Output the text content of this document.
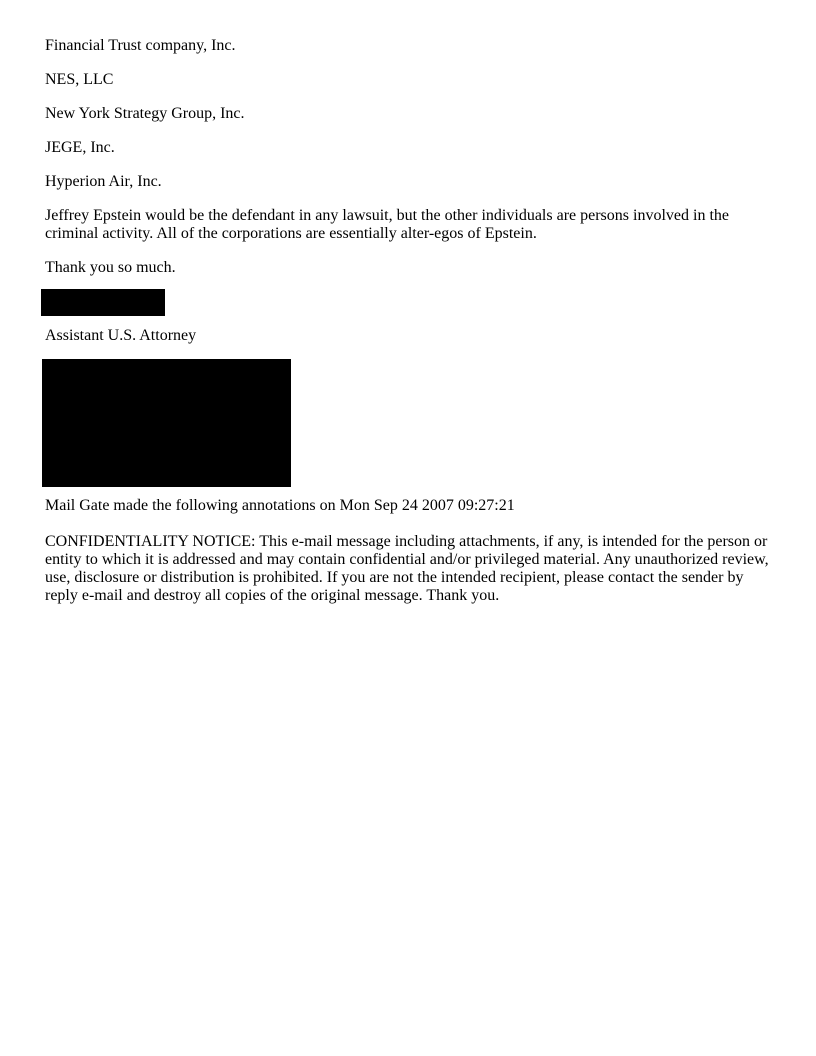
Financial Trust company, Inc.

NES, LLC

New York Strategy Group, Inc.

JEGE, Inc.

Hyperion Air, Inc.

Jeffrey Epstein would be the defendant in any lawsuit, but the other individuals are persons involved in the
criminal activity. All of the corporations are essentially alter-egos of Epstein.

Thank you so much.

Assistant U.S. Attorney

Mail Gate made the following annotations on Mon Sep 24 2007 09:27:21

CONFIDENTIALITY NOTICE: This e-mail message including attachments, if any, is intended for the person or
entity to which it is addressed and may contain confidential and/or privileged material. Any unauthorized review,
use, disclosure or distribution is prohibited. If you are not the intended recipient, please contact the sender by
reply e-mail and destroy all copies of the original message. Thank you.
